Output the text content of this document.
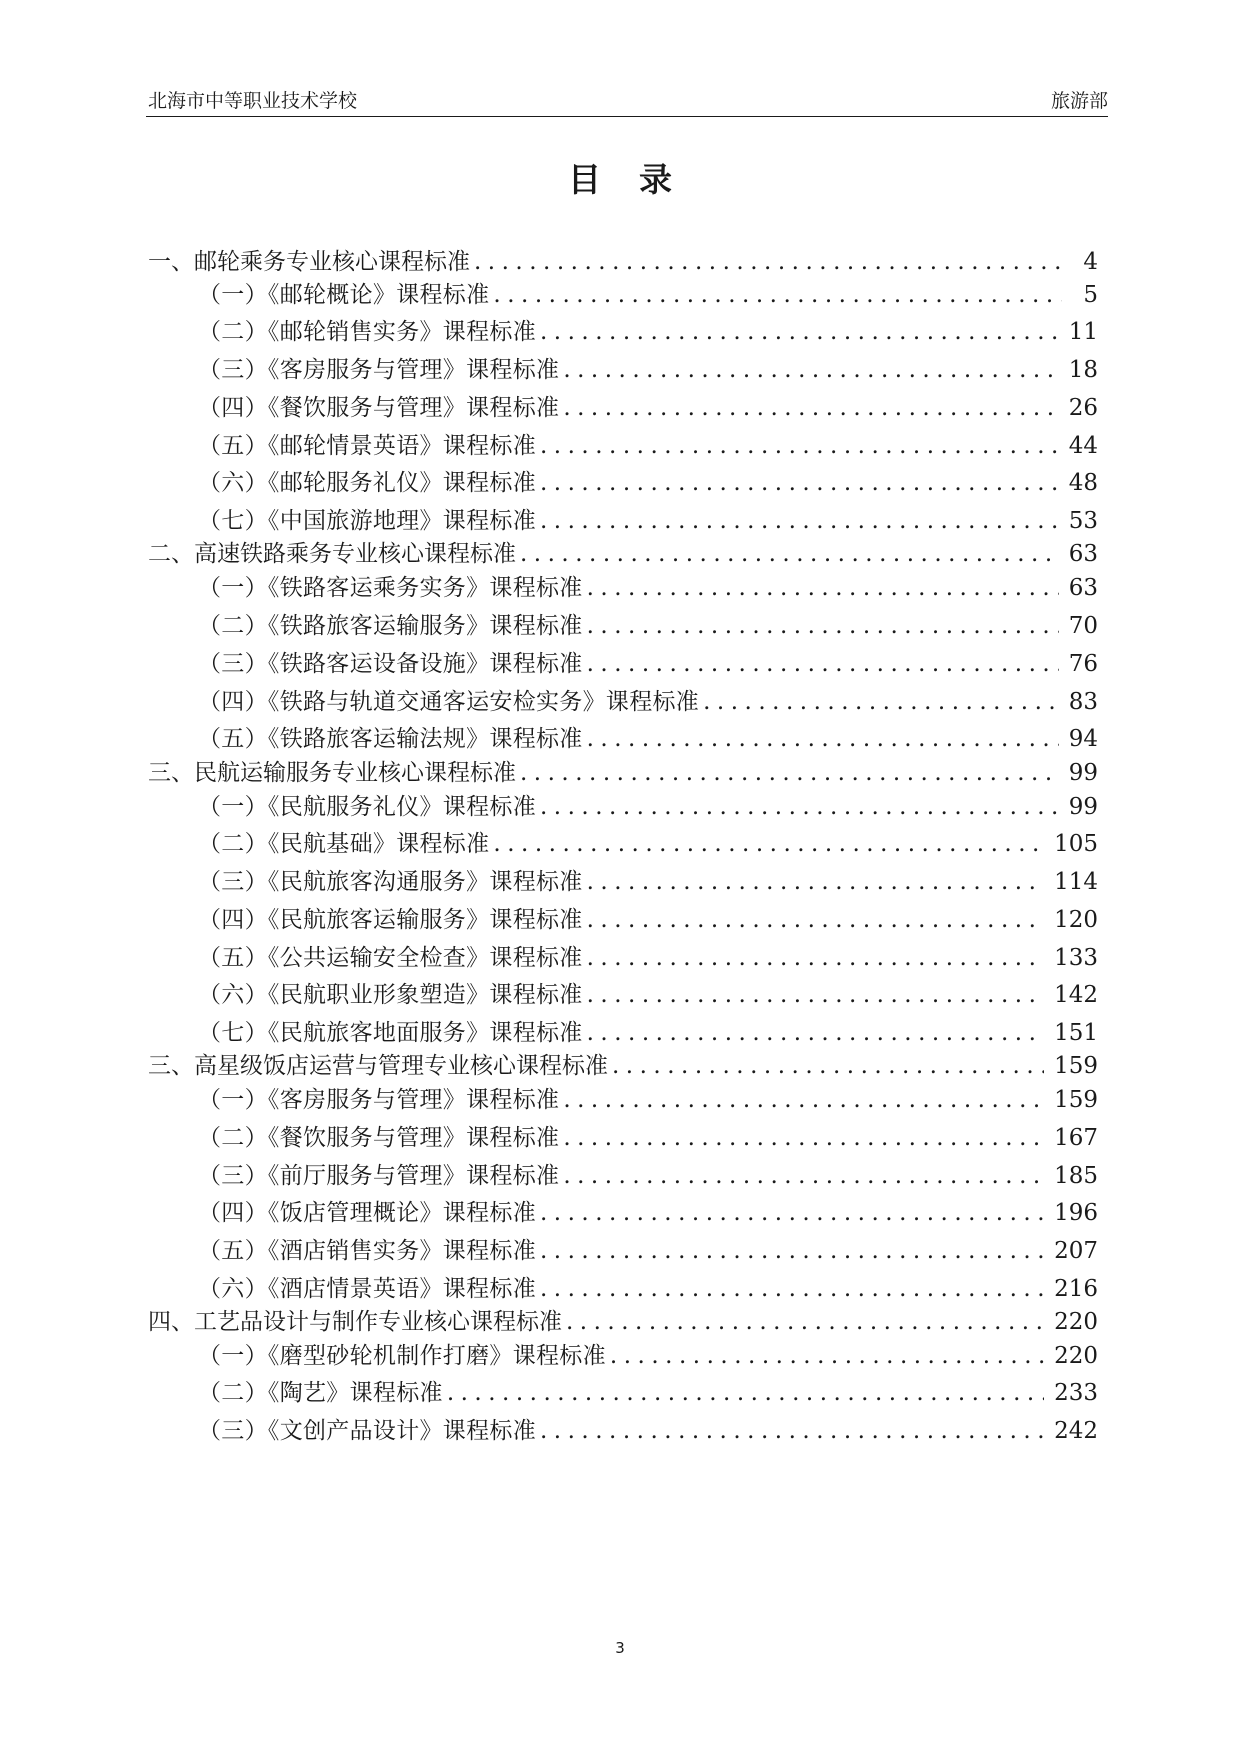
北海市中等职业技术学校	旅游部
目 录
一、邮轮乘务专业核心课程标准 .....	4
（一）《邮轮概论》课程标准 .....	5
（二）《邮轮销售实务》课程标准 .....	11
（三）《客房服务与管理》课程标准 .....	18
（四）《餐饮服务与管理》课程标准 .....	26
（五）《邮轮情景英语》课程标准 .....	44
（六）《邮轮服务礼仪》课程标准 .....	48
（七）《中国旅游地理》课程标准 .....	53
二、高速铁路乘务专业核心课程标准 .....	63
（一）《铁路客运乘务实务》课程标准 .....	63
（二）《铁路旅客运输服务》课程标准 .....	70
（三）《铁路客运设备设施》课程标准 .....	76
（四）《铁路与轨道交通客运安检实务》课程标准 .....	83
（五）《铁路旅客运输法规》课程标准 .....	94
三、民航运输服务专业核心课程标准 .....	99
（一）《民航服务礼仪》课程标准 .....	99
（二）《民航基础》课程标准 .....	105
（三）《民航旅客沟通服务》课程标准 .....	114
（四）《民航旅客运输服务》课程标准 .....	120
（五）《公共运输安全检查》课程标准 .....	133
（六）《民航职业形象塑造》课程标准 .....	142
（七）《民航旅客地面服务》课程标准 .....	151
三、高星级饭店运营与管理专业核心课程标准 .....	159
（一）《客房服务与管理》课程标准 .....	159
（二）《餐饮服务与管理》课程标准 .....	167
（三）《前厅服务与管理》课程标准 .....	185
（四）《饭店管理概论》课程标准 .....	196
（五）《酒店销售实务》课程标准 .....	207
（六）《酒店情景英语》课程标准 .....	216
四、工艺品设计与制作专业核心课程标准 .....	220
（一）《磨型砂轮机制作打磨》课程标准 .....	220
（二）《陶艺》课程标准 .....	233
（三）《文创产品设计》课程标准 .....	242
3
